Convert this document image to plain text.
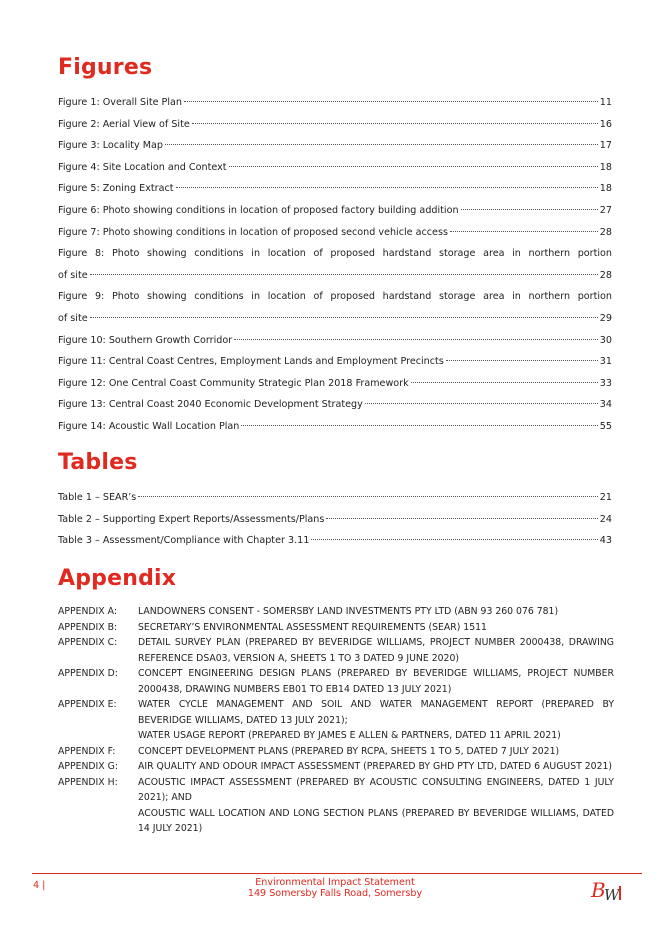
Figures
Figure 1: Overall Site Plan	11
Figure 2: Aerial View of Site	16
Figure 3: Locality Map	17
Figure 4: Site Location and Context	18
Figure 5: Zoning Extract	18
Figure 6: Photo showing conditions in location of proposed factory building addition	27
Figure 7: Photo showing conditions in location of proposed second vehicle access	28
Figure 8: Photo showing conditions in location of proposed hardstand storage area in northern portion
of site	28
Figure 9: Photo showing conditions in location of proposed hardstand storage area in northern portion
of site	29
Figure 10: Southern Growth Corridor	30
Figure 11: Central Coast Centres, Employment Lands and Employment Precincts	31
Figure 12: One Central Coast Community Strategic Plan 2018 Framework	33
Figure 13: Central Coast 2040 Economic Development Strategy	34
Figure 14: Acoustic Wall Location Plan	55
Tables
Table 1 – SEAR’s	21
Table 2 – Supporting Expert Reports/Assessments/Plans	24
Table 3 – Assessment/Compliance with Chapter 3.11	43
Appendix
APPENDIX A:	LANDOWNERS CONSENT - SOMERSBY LAND INVESTMENTS PTY LTD (ABN 93 260 076 781)
APPENDIX B:	SECRETARY’S ENVIRONMENTAL ASSESSMENT REQUIREMENTS (SEAR) 1511
APPENDIX C:	DETAIL SURVEY PLAN (PREPARED BY BEVERIDGE WILLIAMS, PROJECT NUMBER 2000438, DRAWING REFERENCE DSA03, VERSION A, SHEETS 1 TO 3 DATED 9 JUNE 2020)
APPENDIX D:	CONCEPT ENGINEERING DESIGN PLANS (PREPARED BY BEVERIDGE WILLIAMS, PROJECT NUMBER 2000438, DRAWING NUMBERS EB01 TO EB14 DATED 13 JULY 2021)
APPENDIX E:	WATER CYCLE MANAGEMENT AND SOIL AND WATER MANAGEMENT REPORT (PREPARED BY BEVERIDGE WILLIAMS, DATED 13 JULY 2021);
WATER USAGE REPORT (PREPARED BY JAMES E ALLEN & PARTNERS, DATED 11 APRIL 2021)
APPENDIX F:	CONCEPT DEVELOPMENT PLANS (PREPARED BY RCPA, SHEETS 1 TO 5, DATED 7 JULY 2021)
APPENDIX G:	AIR QUALITY AND ODOUR IMPACT ASSESSMENT (PREPARED BY GHD PTY LTD, DATED 6 AUGUST 2021)
APPENDIX H:	ACOUSTIC IMPACT ASSESSMENT (PREPARED BY ACOUSTIC CONSULTING ENGINEERS, DATED 1 JULY 2021); AND
ACOUSTIC WALL LOCATION AND LONG SECTION PLANS (PREPARED BY BEVERIDGE WILLIAMS, DATED 14 JULY 2021)
4 |	Environmental Impact Statement
149 Somersby Falls Road, Somersby	B
W
